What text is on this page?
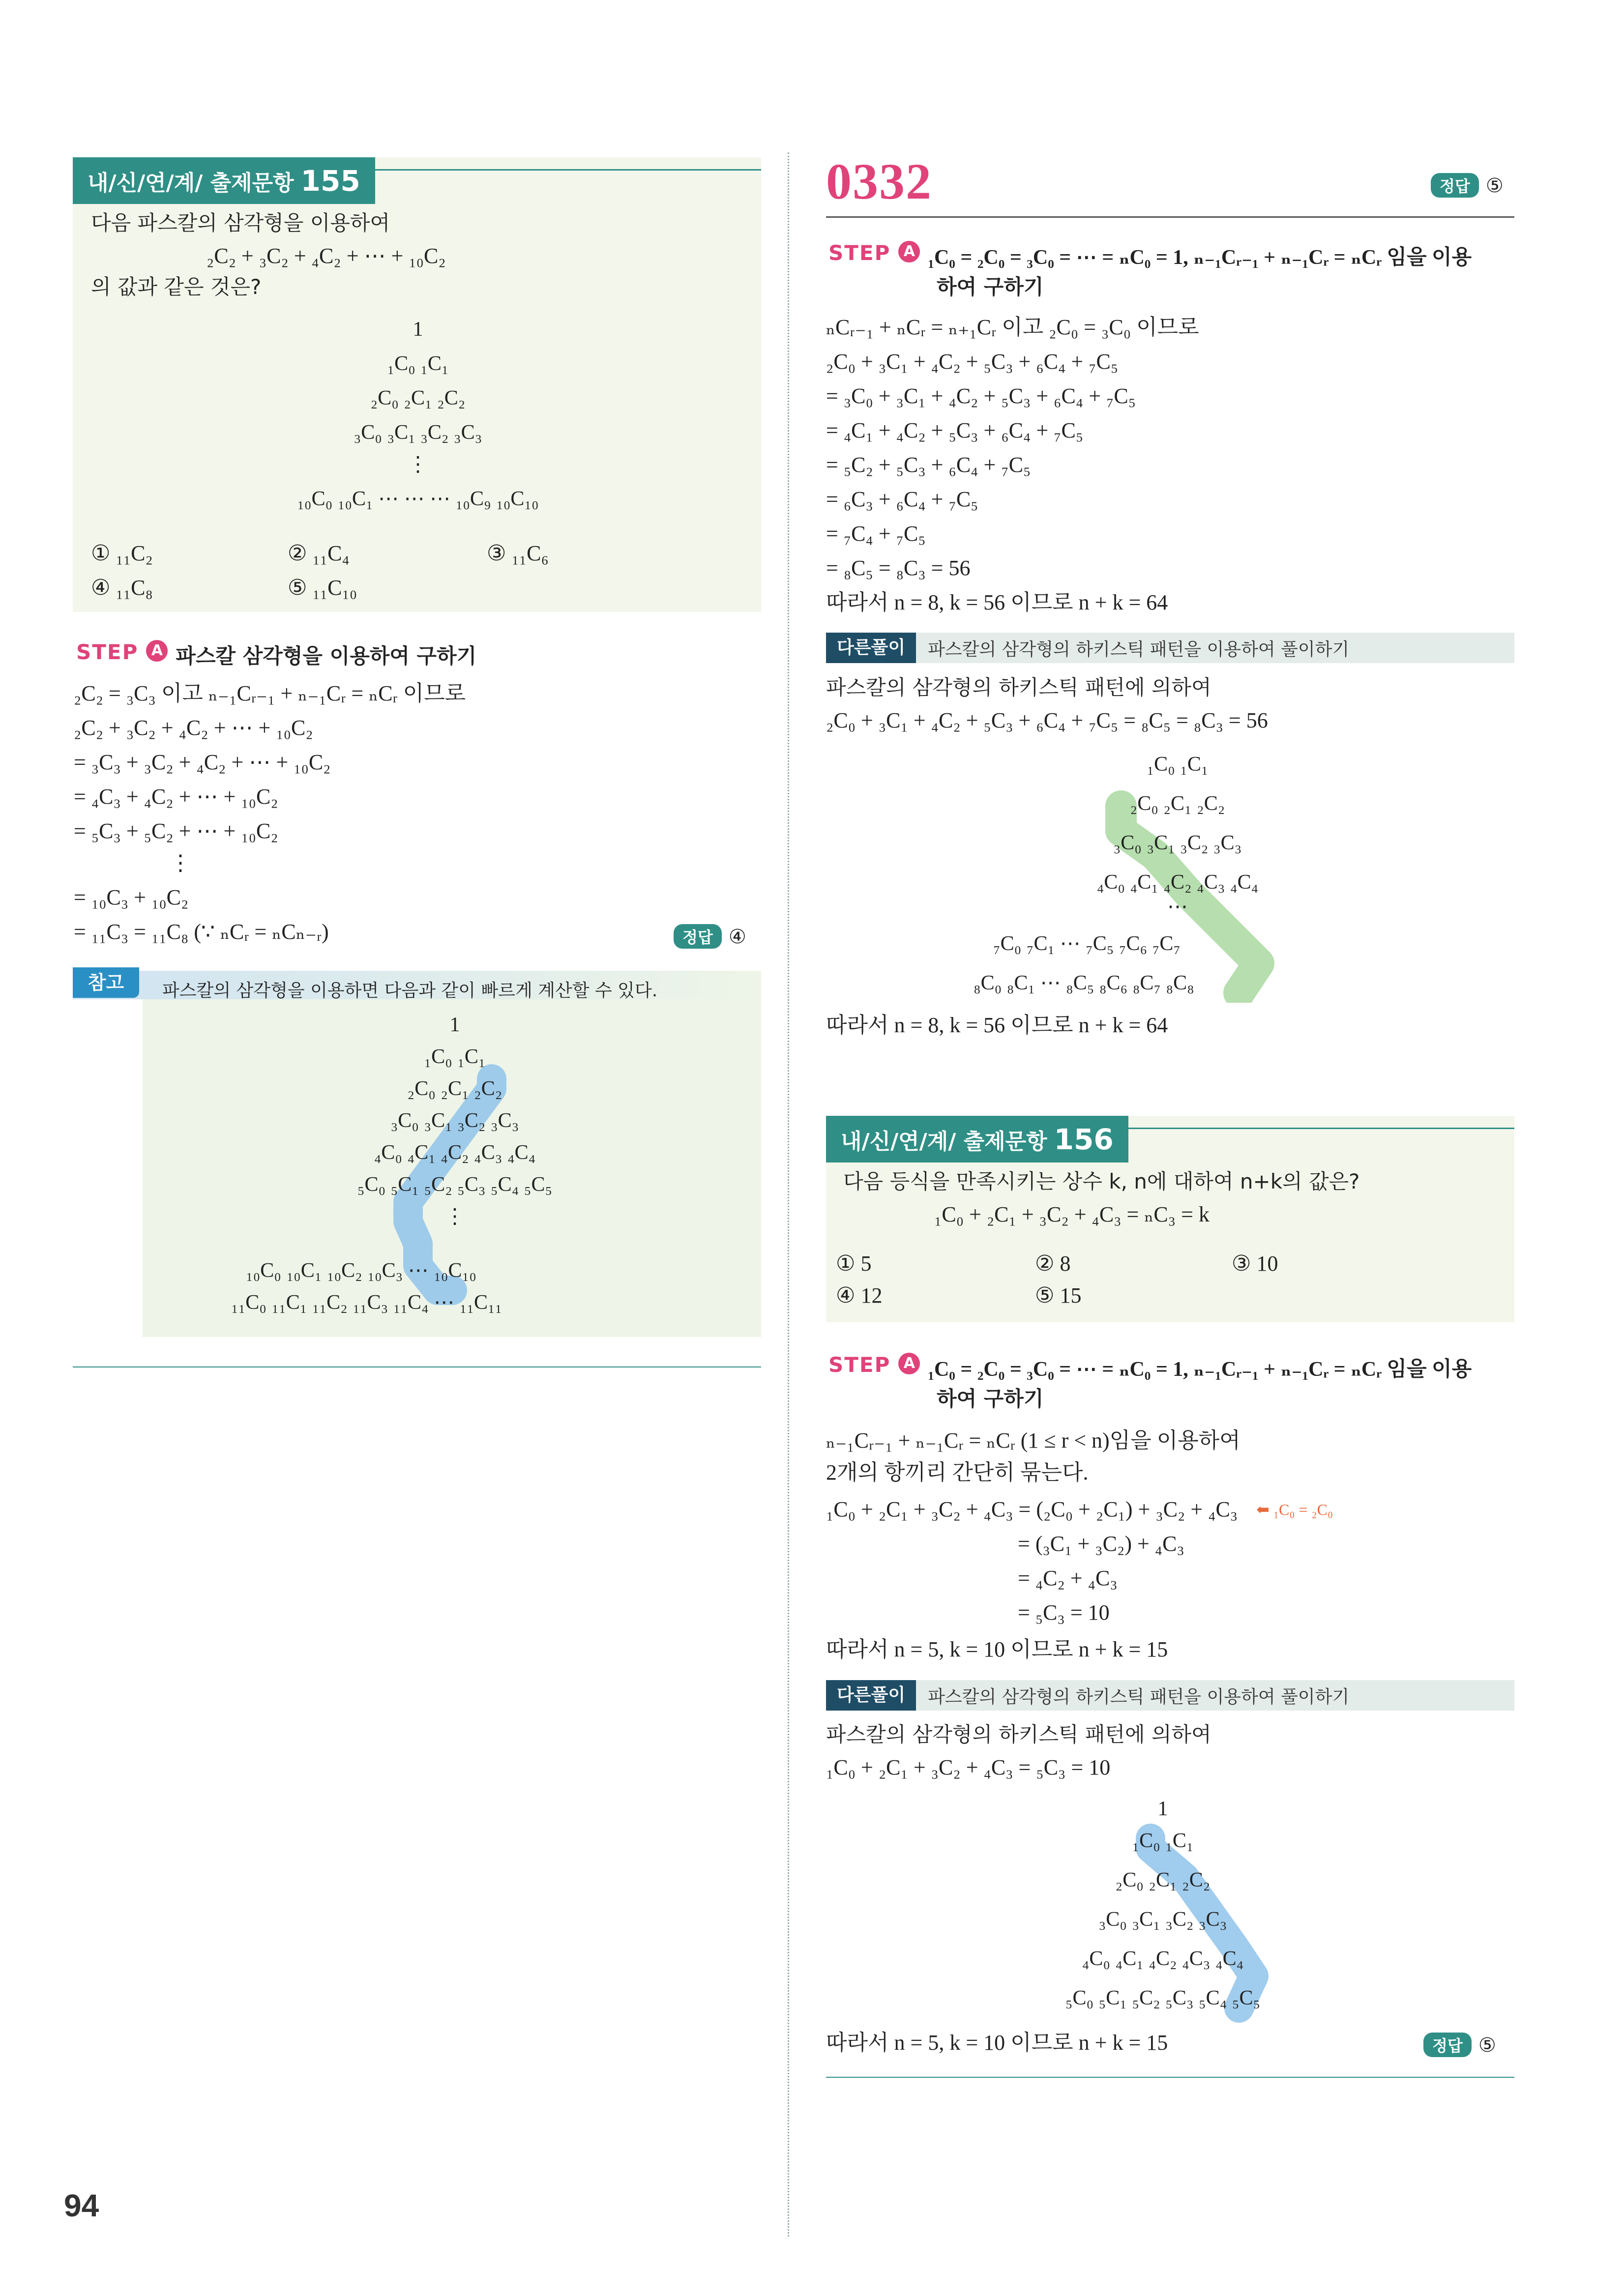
내/신/연/계/ 출제문항 155
다음 파스칼의 삼각형을 이용하여
₂C₂ + ₃C₂ + ₄C₂ + ⋯ + ₁₀C₂
의 값과 같은 것은?
1
₁C₀ ₁C₁
₂C₀ ₂C₁ ₂C₂
₃C₀ ₃C₁ ₃C₂ ₃C₃
⋮
₁₀C₀ ₁₀C₁ ⋯ ⋯ ⋯ ₁₀C₉ ₁₀C₁₀
① ₁₁C₂	② ₁₁C₄	③ ₁₁C₆
④ ₁₁C₈	⑤ ₁₁C₁₀
STEP A 파스칼 삼각형을 이용하여 구하기
₂C₂ = ₃C₃ 이고 ₙ₋₁Cᵣ₋₁ + ₙ₋₁Cᵣ = ₙCᵣ 이므로
₂C₂ + ₃C₂ + ₄C₂ + ⋯ + ₁₀C₂
= ₃C₃ + ₃C₂ + ₄C₂ + ⋯ + ₁₀C₂
= ₄C₃ + ₄C₂ + ⋯ + ₁₀C₂
= ₅C₃ + ₅C₂ + ⋯ + ₁₀C₂
⋮
= ₁₀C₃ + ₁₀C₂
= ₁₁C₃ = ₁₁C₈ (∵ ₙCᵣ = ₙCₙ₋ᵣ)	정답 ④
참고	파스칼의 삼각형을 이용하면 다음과 같이 빠르게 계산할 수 있다.
1
₁C₀ ₁C₁
₂C₀ ₂C₁ ₂C₂
₃C₀ ₃C₁ ₃C₂ ₃C₃
₄C₀ ₄C₁ ₄C₂ ₄C₃ ₄C₄
₅C₀ ₅C₁ ₅C₂ ₅C₃ ₅C₄ ₅C₅
⋮
₁₀C₀ ₁₀C₁ ₁₀C₂ ₁₀C₃ ⋯ ₁₀C₁₀
₁₁C₀ ₁₁C₁ ₁₁C₂ ₁₁C₃ ₁₁C₄ ⋯ ₁₁C₁₁
0332	정답 ⑤
STEP A ₁C₀ = ₂C₀ = ₃C₀ = ⋯ = ₙC₀ = 1, ₙ₋₁Cᵣ₋₁ + ₙ₋₁Cᵣ = ₙCᵣ 임을 이용
하여 구하기
ₙCᵣ₋₁ + ₙCᵣ = ₙ₊₁Cᵣ 이고 ₂C₀ = ₃C₀ 이므로
₂C₀ + ₃C₁ + ₄C₂ + ₅C₃ + ₆C₄ + ₇C₅
= ₃C₀ + ₃C₁ + ₄C₂ + ₅C₃ + ₆C₄ + ₇C₅
= ₄C₁ + ₄C₂ + ₅C₃ + ₆C₄ + ₇C₅
= ₅C₂ + ₅C₃ + ₆C₄ + ₇C₅
= ₆C₃ + ₆C₄ + ₇C₅
= ₇C₄ + ₇C₅
= ₈C₅ = ₈C₃ = 56
따라서 n = 8, k = 56 이므로 n + k = 64
다른풀이	파스칼의 삼각형의 하키스틱 패턴을 이용하여 풀이하기
파스칼의 삼각형의 하키스틱 패턴에 의하여
₂C₀ + ₃C₁ + ₄C₂ + ₅C₃ + ₆C₄ + ₇C₅ = ₈C₅ = ₈C₃ = 56
₁C₀ ₁C₁
₂C₀ ₂C₁ ₂C₂
₃C₀ ₃C₁ ₃C₂ ₃C₃
₄C₀ ₄C₁ ₄C₂ ₄C₃ ₄C₄
⋯
₇C₀ ₇C₁ ⋯ ₇C₅ ₇C₆ ₇C₇
₈C₀ ₈C₁ ⋯ ₈C₅ ₈C₆ ₈C₇ ₈C₈
따라서 n = 8, k = 56 이므로 n + k = 64
내/신/연/계/ 출제문항 156
다음 등식을 만족시키는 상수 k, n에 대하여 n+k의 값은?
₁C₀ + ₂C₁ + ₃C₂ + ₄C₃ = ₙC₃ = k
① 5	② 8	③ 10
④ 12	⑤ 15
STEP A ₁C₀ = ₂C₀ = ₃C₀ = ⋯ = ₙC₀ = 1, ₙ₋₁Cᵣ₋₁ + ₙ₋₁Cᵣ = ₙCᵣ 임을 이용
하여 구하기
ₙ₋₁Cᵣ₋₁ + ₙ₋₁Cᵣ = ₙCᵣ (1 ≤ r < n)임을 이용하여
2개의 항끼리 간단히 묶는다.
₁C₀ + ₂C₁ + ₃C₂ + ₄C₃ = (₂C₀ + ₂C₁) + ₃C₂ + ₄C₃ ⬅ ₁C₀ = ₂C₀
= (₃C₁ + ₃C₂) + ₄C₃
= ₄C₂ + ₄C₃
= ₅C₃ = 10
따라서 n = 5, k = 10 이므로 n + k = 15
다른풀이	파스칼의 삼각형의 하키스틱 패턴을 이용하여 풀이하기
파스칼의 삼각형의 하키스틱 패턴에 의하여
₁C₀ + ₂C₁ + ₃C₂ + ₄C₃ = ₅C₃ = 10
1
₁C₀ ₁C₁
₂C₀ ₂C₁ ₂C₂
₃C₀ ₃C₁ ₃C₂ ₃C₃
₄C₀ ₄C₁ ₄C₂ ₄C₃ ₄C₄
₅C₀ ₅C₁ ₅C₂ ₅C₃ ₅C₄ ₅C₅
따라서 n = 5, k = 10 이므로 n + k = 15	정답 ⑤
94
